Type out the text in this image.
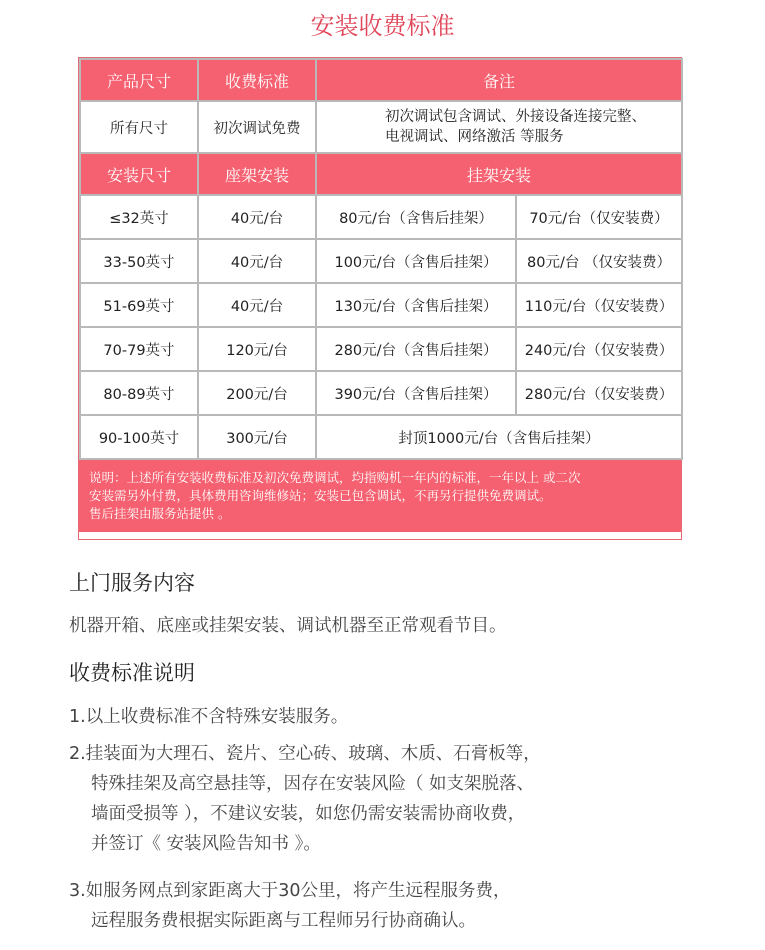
安装收费标准
产品尺寸	收费标准	备注	
所有尺寸	初次调试免费	初次调试包含调试、外接设备连接完整、
电视调试、网络激活 等服务	

安装尺寸	座架安装	挂架安装	
≤32英寸	40元/台	80元/台（含售后挂架）	70元/台（仅安装费）
33-50英寸	40元/台	100元/台（含售后挂架）	80元/台 （仅安装费）
51-69英寸	40元/台	130元/台（含售后挂架）	110元/台（仅安装费）
70-79英寸	120元/台	280元/台（含售后挂架）	240元/台（仅安装费）
80-89英寸	200元/台	390元/台（含售后挂架）	280元/台（仅安装费）
90-100英寸	300元/台	封顶1000元/台（含售后挂架）	
说明：上述所有安装收费标准及初次免费调试，均指购机一年内的标准，一年以上 或二次
安装需另外付费，具体费用咨询维修站；安装已包含调试，不再另行提供免费调试。
售后挂架由服务站提供 。
上门服务内容
机器开箱、底座或挂架安装、调试机器至正常观看节目。
收费标准说明
1.以上收费标准不含特殊安装服务。
2.挂装面为大理石、瓷片、空心砖、玻璃、木质、石膏板等，
特殊挂架及高空悬挂等，因存在安装风险（ 如支架脱落、
墙面受损等 ），不建议安装，如您仍需安装需协商收费，
并签订《 安装风险告知书 》。
3.如服务网点到家距离大于30公里，将产生远程服务费，
远程服务费根据实际距离与工程师另行协商确认。
